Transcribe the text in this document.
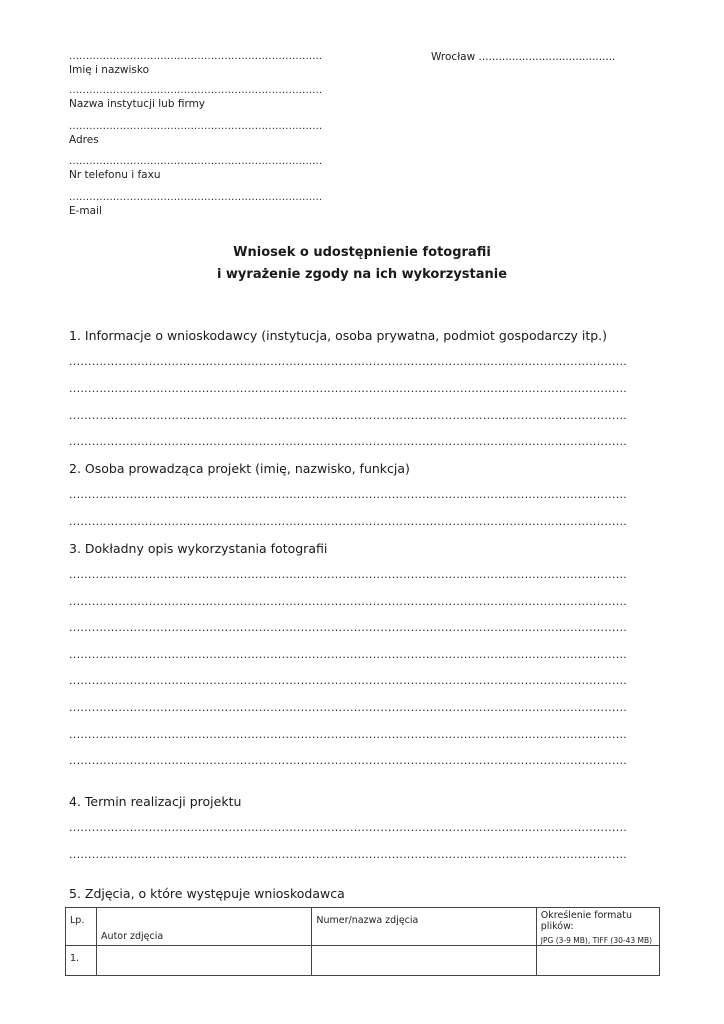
...........................................................................
Imię i nazwisko
...........................................................................
Nazwa instytucji lub firmy
...........................................................................
Adres
...........................................................................
Nr telefonu i faxu
...........................................................................
E-mail
Wrocław .........................................
Wniosek o udostępnienie fotografii
i wyrażenie zgody na ich wykorzystanie
1. Informacje o wnioskodawcy (instytucja, osoba prywatna, podmiot gospodarczy itp.)
...................................................................................................................................................
...................................................................................................................................................
...................................................................................................................................................
...................................................................................................................................................
2. Osoba prowadząca projekt (imię, nazwisko, funkcja)
...................................................................................................................................................
...................................................................................................................................................
3. Dokładny opis wykorzystania fotografii
...................................................................................................................................................
...................................................................................................................................................
...................................................................................................................................................
...................................................................................................................................................
...................................................................................................................................................
...................................................................................................................................................
...................................................................................................................................................
...................................................................................................................................................
4. Termin realizacji projektu
...................................................................................................................................................
...................................................................................................................................................
5. Zdjęcia, o które występuje wnioskodawca
Lp.	Autor zdjęcia	Numer/nazwa zdjęcia	Określenie formatu plików:
JPG (3-9 MB), TIFF (30-43 MB)

1.			
